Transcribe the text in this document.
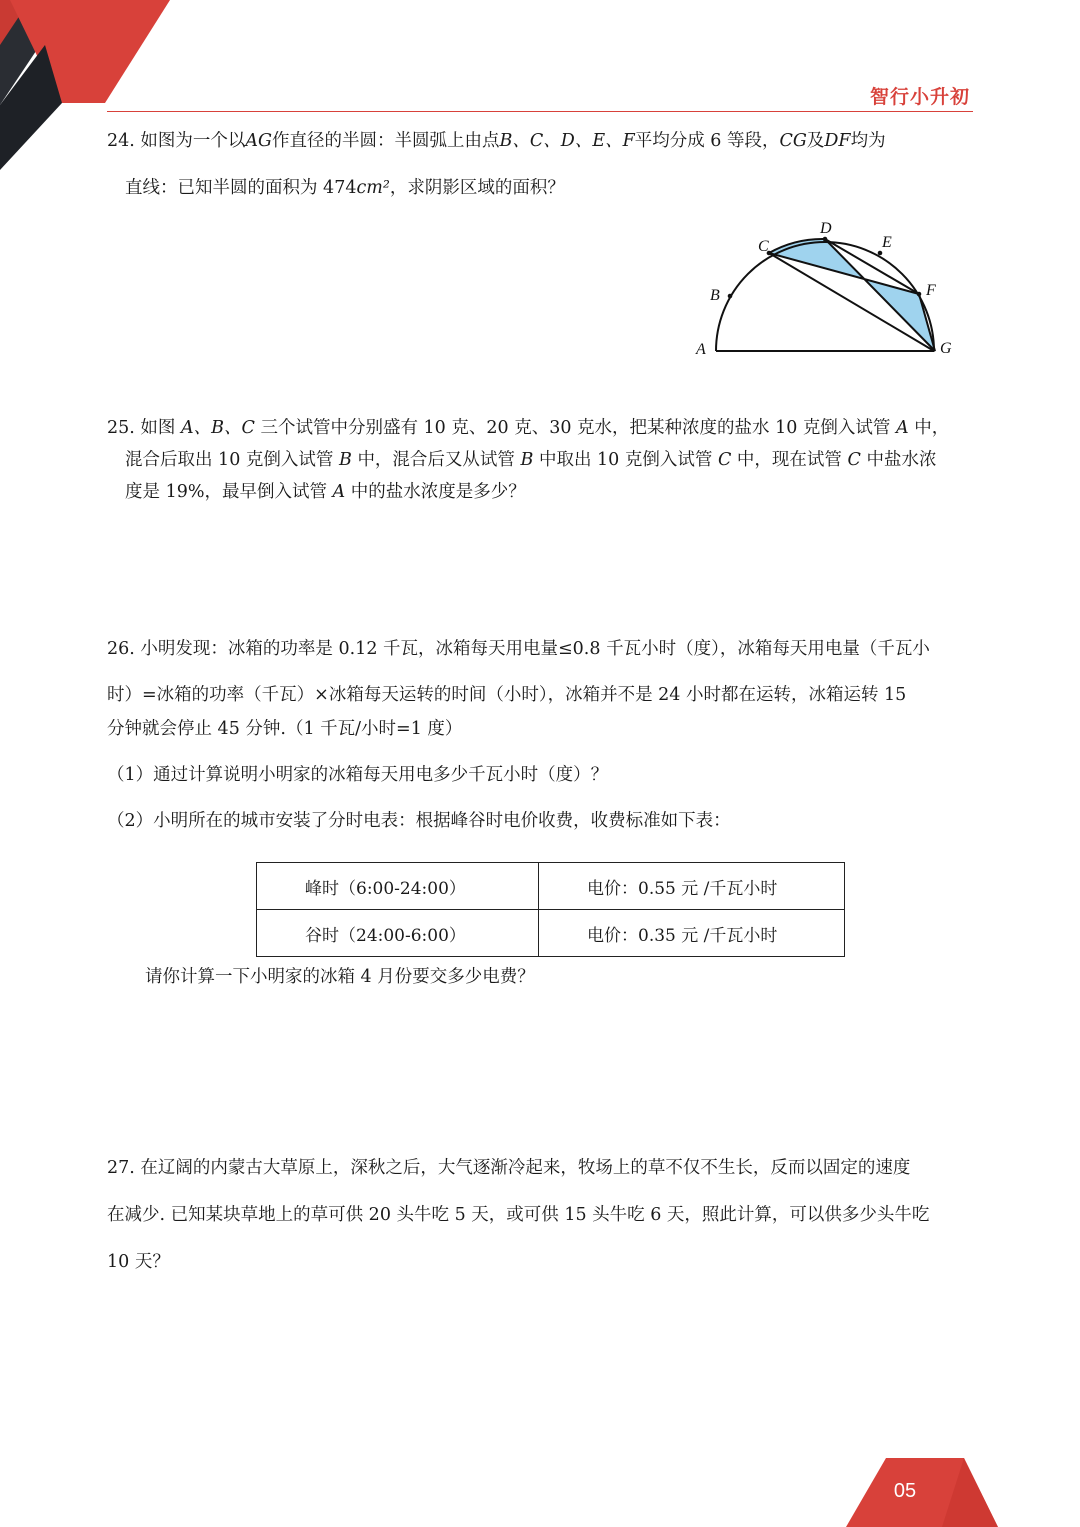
智行小升初

24. 如图为一个以AG作直径的半圆：半圆弧上由点B、C、D、E、F平均分成 6 等段，CG及DF均为

直线：已知半圆的面积为 474cm²，求阴影区域的面积？

A
B
C
D
E
F
G

25. 如图 A、B、C 三个试管中分别盛有 10 克、20 克、30 克水，把某种浓度的盐水 10 克倒入试管 A 中，

混合后取出 10 克倒入试管 B 中，混合后又从试管 B 中取出 10 克倒入试管 C 中，现在试管 C 中盐水浓

度是 19%，最早倒入试管 A 中的盐水浓度是多少？

26. 小明发现：冰箱的功率是 0.12 千瓦，冰箱每天用电量≤0.8 千瓦小时（度），冰箱每天用电量（千瓦小

时）=冰箱的功率（千瓦）×冰箱每天运转的时间（小时），冰箱并不是 24 小时都在运转，冰箱运转 15

分钟就会停止 45 分钟.（1 千瓦/小时=1 度）

（1）通过计算说明小明家的冰箱每天用电多少千瓦小时（度）？

（2）小明所在的城市安装了分时电表：根据峰谷时电价收费，收费标准如下表：

峰时（6:00-24:00）	电价：0.55 元 /千瓦小时
谷时（24:00-6:00）	电价：0.35 元 /千瓦小时
请你计算一下小明家的冰箱 4 月份要交多少电费？

27. 在辽阔的内蒙古大草原上，深秋之后，大气逐渐冷起来，牧场上的草不仅不生长，反而以固定的速度

在减少. 已知某块草地上的草可供 20 头牛吃 5 天，或可供 15 头牛吃 6 天，照此计算，可以供多少头牛吃

10 天？

05
